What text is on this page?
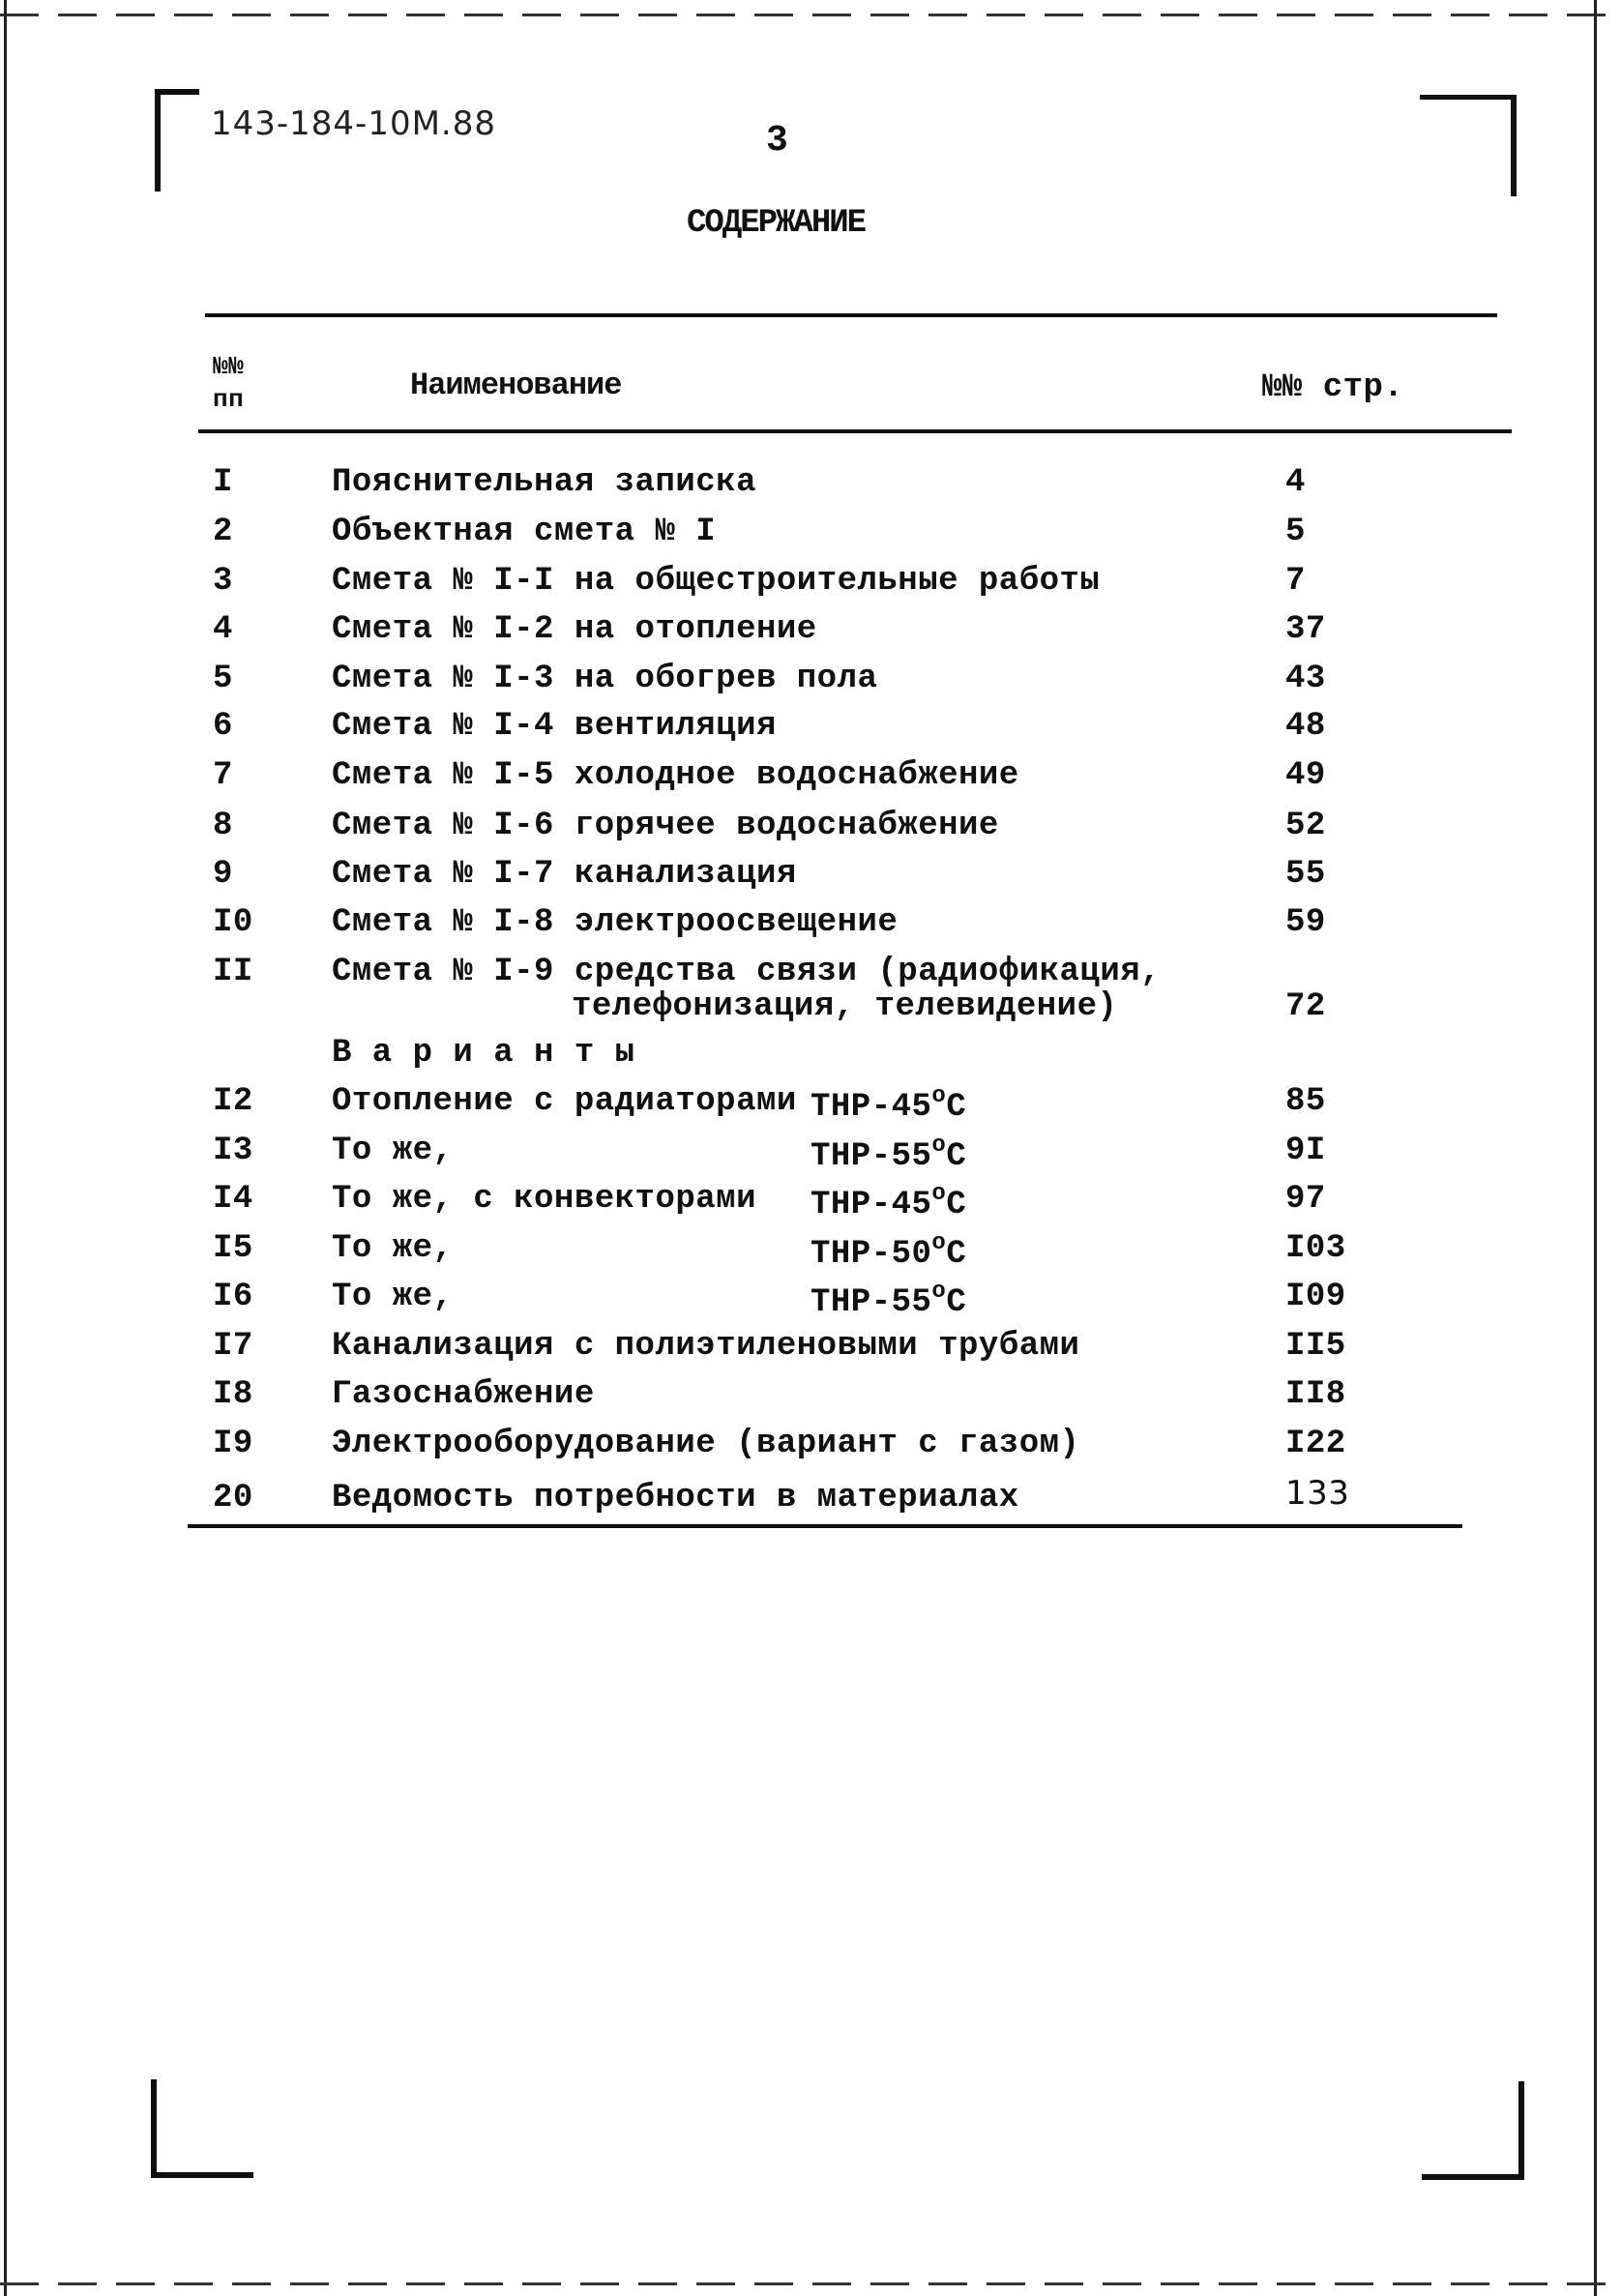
143-184-10М.88	3
СОДЕРЖАНИЕ
№№
пп	Наименование	№№ стр.
I	Пояснительная записка	4
2	Объектная смета № I	5
3	Смета № I-I на общестроительные работы	7
4	Смета № I-2 на отопление	37
5	Смета № I-3 на обогрев пола	43
6	Смета № I-4 вентиляция	48
7	Смета № I-5 холодное водоснабжение	49
8	Смета № I-6 горячее водоснабжение	52
9	Смета № I-7 канализация	55
I0 Смета № I-8 электроосвещение	59
II Смета № I-9 средства связи (радиофикация,
телефонизация, телевидение)	72
В а р и а н т ы
I2 Отопление с радиаторами ТНР-$45^оС$	85
I3 То же,	ТНР-$55^оС$	9I
I4 То же, с конвекторами ТНР-$45^оС$	97
I5 То же,	ТНР-$50^оС$	I03
I6 То же,	ТНР-$55^оС$	I09
I7 Канализация с полиэтиленовыми трубами	II5
I8 Газоснабжение	II8
I9 Электрооборудование (вариант с газом)	I22
20 Ведомость потребности в материалах	133
